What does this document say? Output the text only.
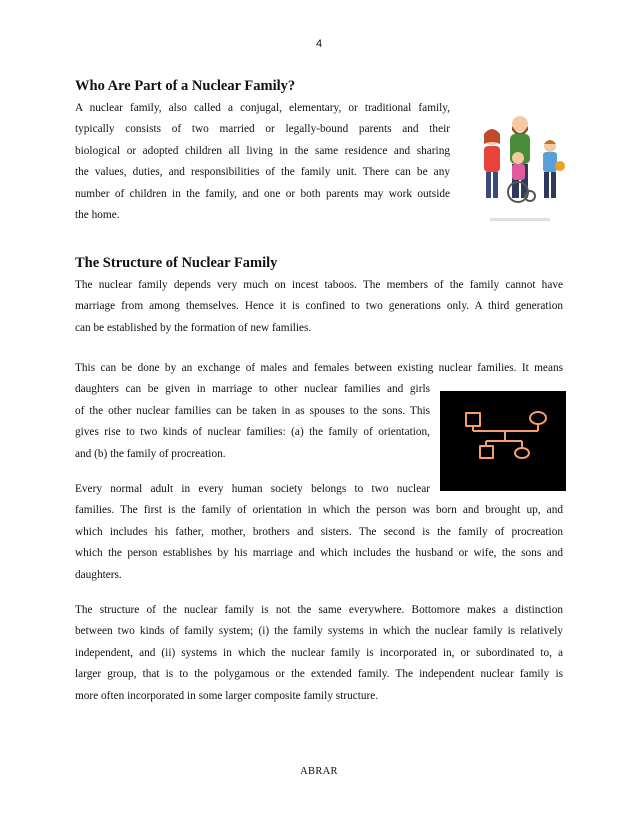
4
Who Are Part of a Nuclear Family?

A nuclear family, also called a conjugal, elementary, or traditional family,
typically consists of two married or legally-bound parents and their
biological or adopted children all living in the same residence and sharing
the values, duties, and responsibilities of the family unit. There can be any
number of children in the family, and one or both parents may work outside
the home.

The Structure of Nuclear Family

The nuclear family depends very much on incest taboos. The members of the family cannot have
marriage from among themselves. Hence it is confined to two generations only. A third generation
can be established by the formation of new families.

This can be done by an exchange of males and females between existing nuclear families. It means
daughters can be given in marriage to other nuclear families and girls
of the other nuclear families can be taken in as spouses to the sons. This
gives rise to two kinds of nuclear families: (a) the family of orientation,
and (b) the family of procreation.

Every normal adult in every human society belongs to two nuclear
families. The first is the family of orientation in which the person was born and brought up, and
which includes his father, mother, brothers and sisters. The second is the family of procreation
which the person establishes by his marriage and which includes the husband or wife, the sons and
daughters.

The structure of the nuclear family is not the same everywhere. Bottomore makes a distinction
between two kinds of family system; (i) the family systems in which the nuclear family is relatively
independent, and (ii) systems in which the nuclear family is incorporated in, or subordinated to, a
larger group, that is to the polygamous or the extended family. The independent nuclear family is
more often incorporated in some larger composite family structure.

ABRAR
